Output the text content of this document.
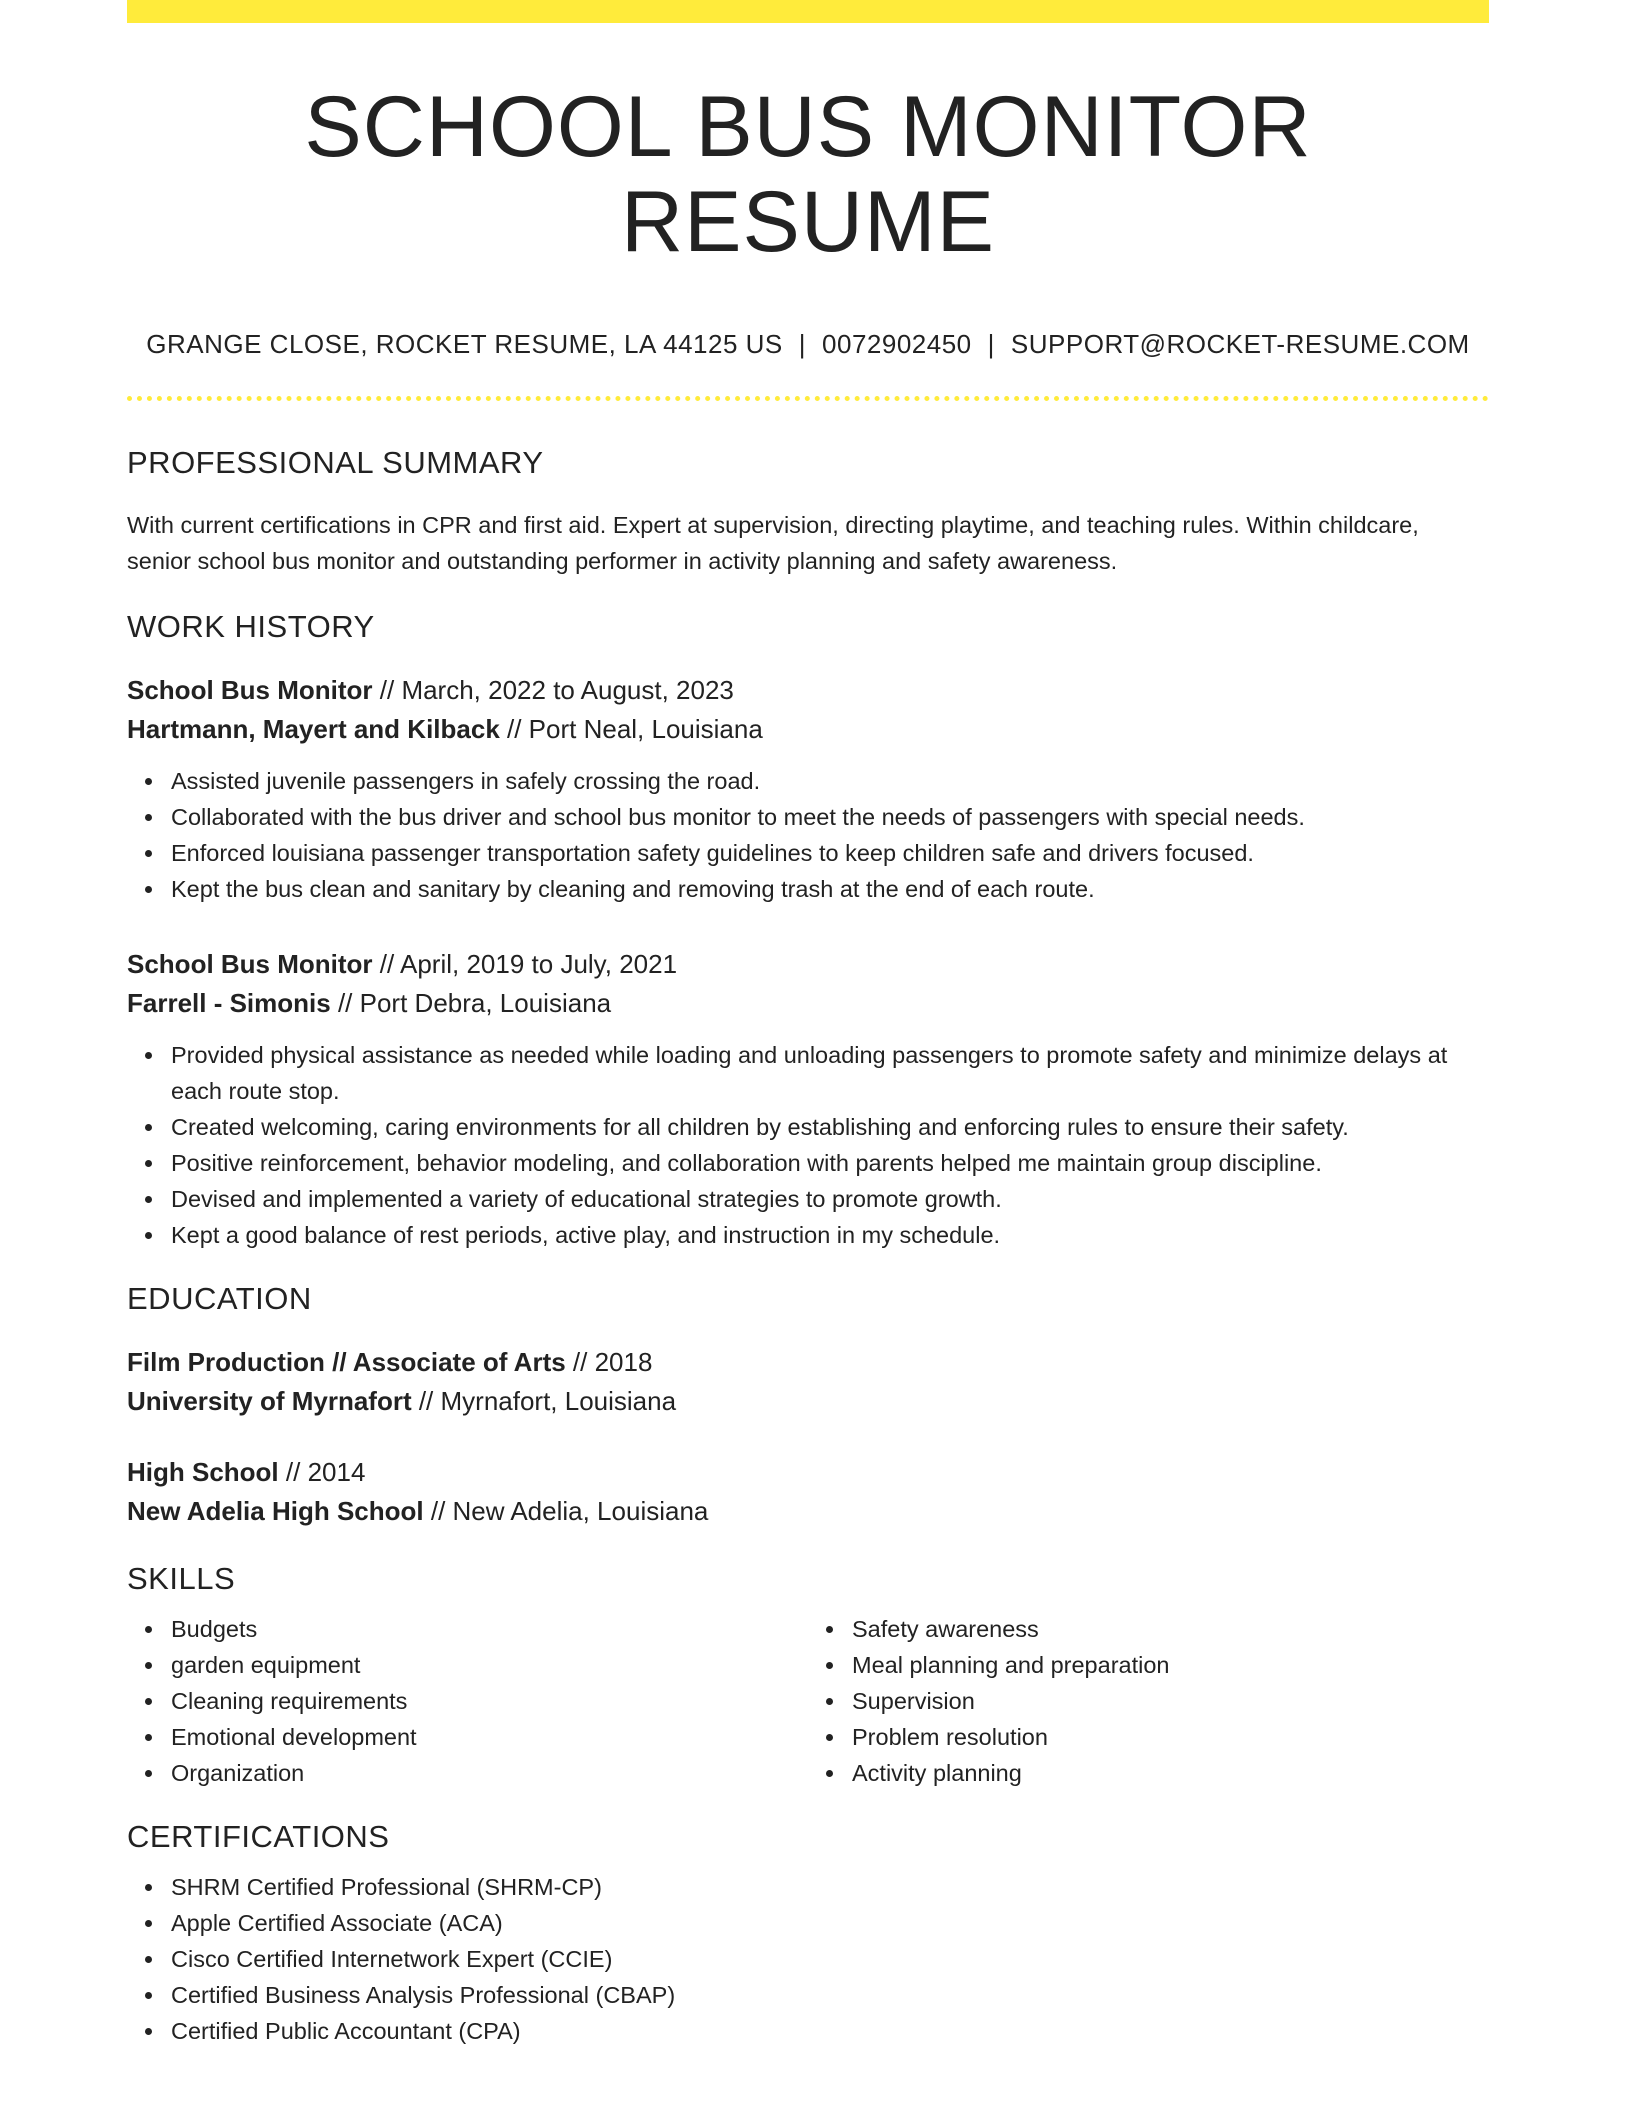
SCHOOL BUS MONITOR RESUME
GRANGE CLOSE, ROCKET RESUME, LA 44125 US | 0072902450 | SUPPORT@ROCKET-RESUME.COM
PROFESSIONAL SUMMARY
With current certifications in CPR and first aid. Expert at supervision, directing playtime, and teaching rules. Within childcare, senior school bus monitor and outstanding performer in activity planning and safety awareness.
WORK HISTORY
School Bus Monitor // March, 2022 to August, 2023
Hartmann, Mayert and Kilback // Port Neal, Louisiana
Assisted juvenile passengers in safely crossing the road.
Collaborated with the bus driver and school bus monitor to meet the needs of passengers with special needs.
Enforced louisiana passenger transportation safety guidelines to keep children safe and drivers focused.
Kept the bus clean and sanitary by cleaning and removing trash at the end of each route.
School Bus Monitor // April, 2019 to July, 2021
Farrell - Simonis // Port Debra, Louisiana
Provided physical assistance as needed while loading and unloading passengers to promote safety and minimize delays at each route stop.
Created welcoming, caring environments for all children by establishing and enforcing rules to ensure their safety.
Positive reinforcement, behavior modeling, and collaboration with parents helped me maintain group discipline.
Devised and implemented a variety of educational strategies to promote growth.
Kept a good balance of rest periods, active play, and instruction in my schedule.
EDUCATION
Film Production // Associate of Arts // 2018
University of Myrnafort // Myrnafort, Louisiana
High School // 2014
New Adelia High School // New Adelia, Louisiana
SKILLS
Budgets
garden equipment
Cleaning requirements
Emotional development
Organization
Safety awareness
Meal planning and preparation
Supervision
Problem resolution
Activity planning
CERTIFICATIONS
SHRM Certified Professional (SHRM-CP)
Apple Certified Associate (ACA)
Cisco Certified Internetwork Expert (CCIE)
Certified Business Analysis Professional (CBAP)
Certified Public Accountant (CPA)
